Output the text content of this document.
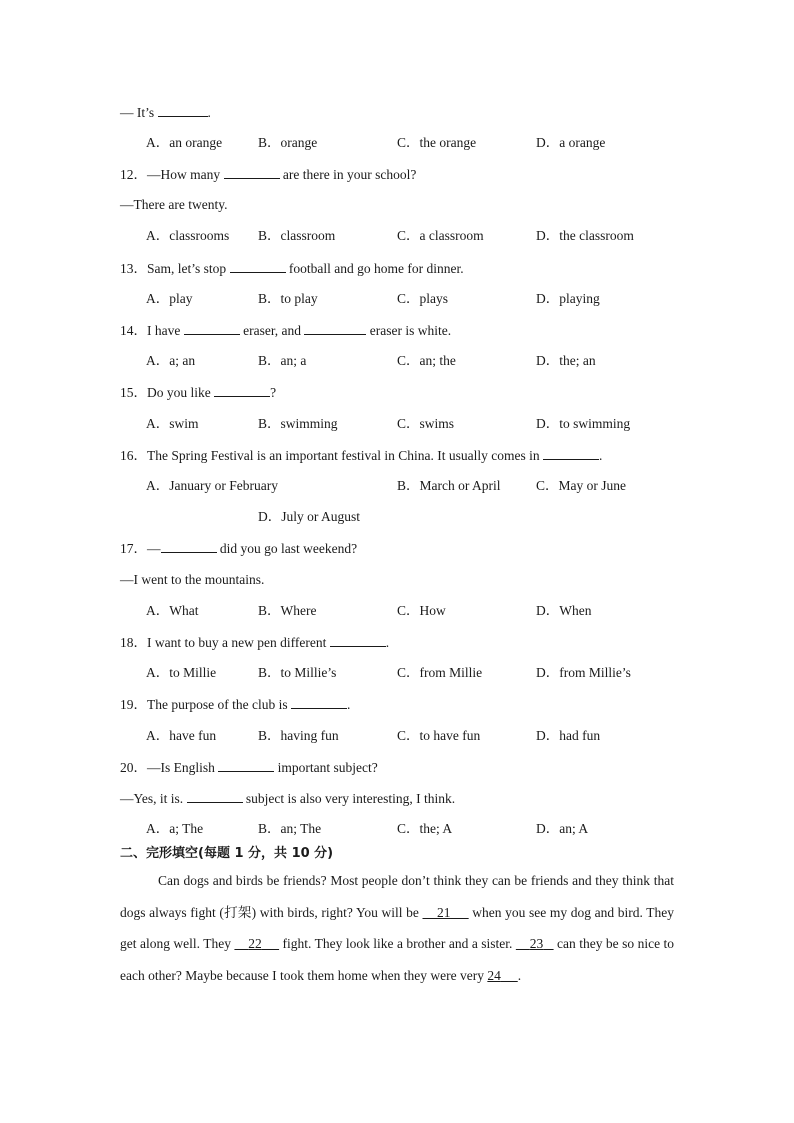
— It’s	.
A．an orange	B．orange	C．the orange	D．a orange
12．—How many	are there in your school?
—There are twenty.
A．classrooms B．classroom	C．a classroom	D．the classroom
13．Sam, let’s stop	football and go home for dinner.
A．play	B．to play	C．plays	D．playing
14．I have	eraser, and	eraser is white.
A．a; an	B．an; a	C．an; the	D．the; an
15．Do you like	?
A．swim	B．swimming	C．swims	D．to swimming
16．The Spring Festival is an important festival in China. It usually comes in	.
A．January or February	B．March or April	C．May or June
D．July or August
17．—	did you go last weekend?
—I went to the mountains.
A．What	B．Where	C．How	D．When
18．I want to buy a new pen different	.
A．to Millie	B．to Millie’s	C．from Millie	D．from Millie’s
19．The purpose of the club is	.
A．have fun	B．having fun	C．to have fun	D．had fun
20．—Is English	important subject?
—Yes, it is.	subject is also very interesting, I think.
A．a; The	B．an; The	C．the; A	D．an; A
二、完形填空(每题 1 分，共 10 分)

Can dogs and birds be friends? Most people don’t think they can be friends and they think that dogs always fight (打架) with birds, right? You will be     21      when you see my dog and bird. They get along well. They     22      fight. They look like a brother and a sister.     23    can they be so nice to each other? Maybe because I took them home when they were very 24 .
